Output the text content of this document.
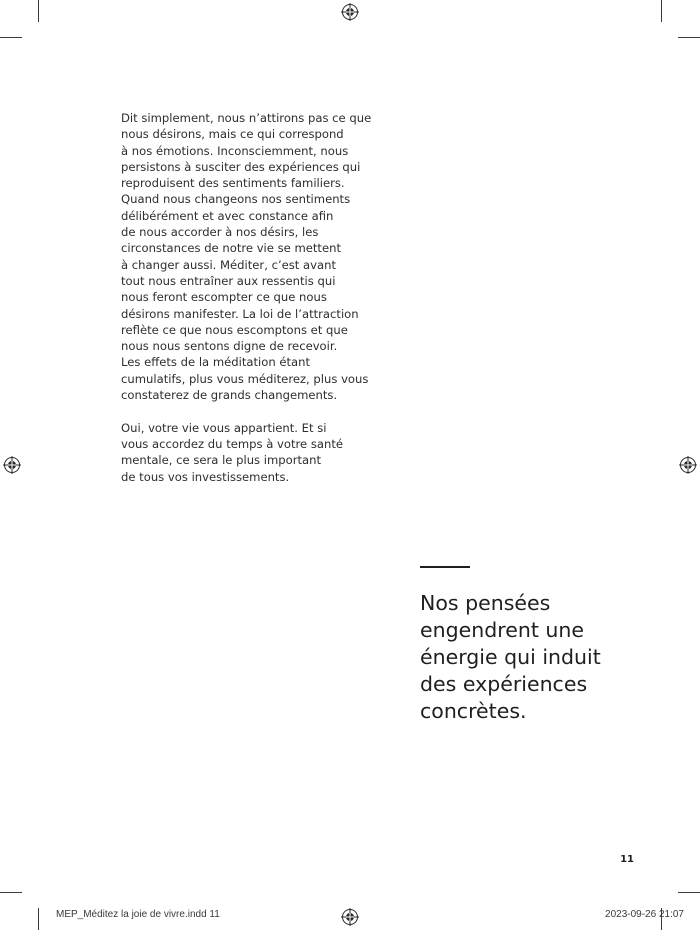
Dit simplement, nous n’attirons pas ce que
nous désirons, mais ce qui correspond
à nos émotions. Inconsciemment, nous
persistons à susciter des expériences qui
reproduisent des sentiments familiers.
Quand nous changeons nos sentiments
délibérément et avec constance afin
de nous accorder à nos désirs, les
circonstances de notre vie se mettent
à changer aussi. Méditer, c’est avant
tout nous entraîner aux ressentis qui
nous feront escompter ce que nous
désirons manifester. La loi de l’attraction
reflète ce que nous escomptons et que
nous nous sentons digne de recevoir.
Les effets de la méditation étant
cumulatifs, plus vous méditerez, plus vous
constaterez de grands changements.
Oui, votre vie vous appartient. Et si
vous accordez du temps à votre santé
mentale, ce sera le plus important
de tous vos investissements.
Nos pensées
engendrent une
énergie qui induit
des expériences
concrètes.
11
MEP_Méditez la joie de vivre.indd 11	2023-09-26 21:07
